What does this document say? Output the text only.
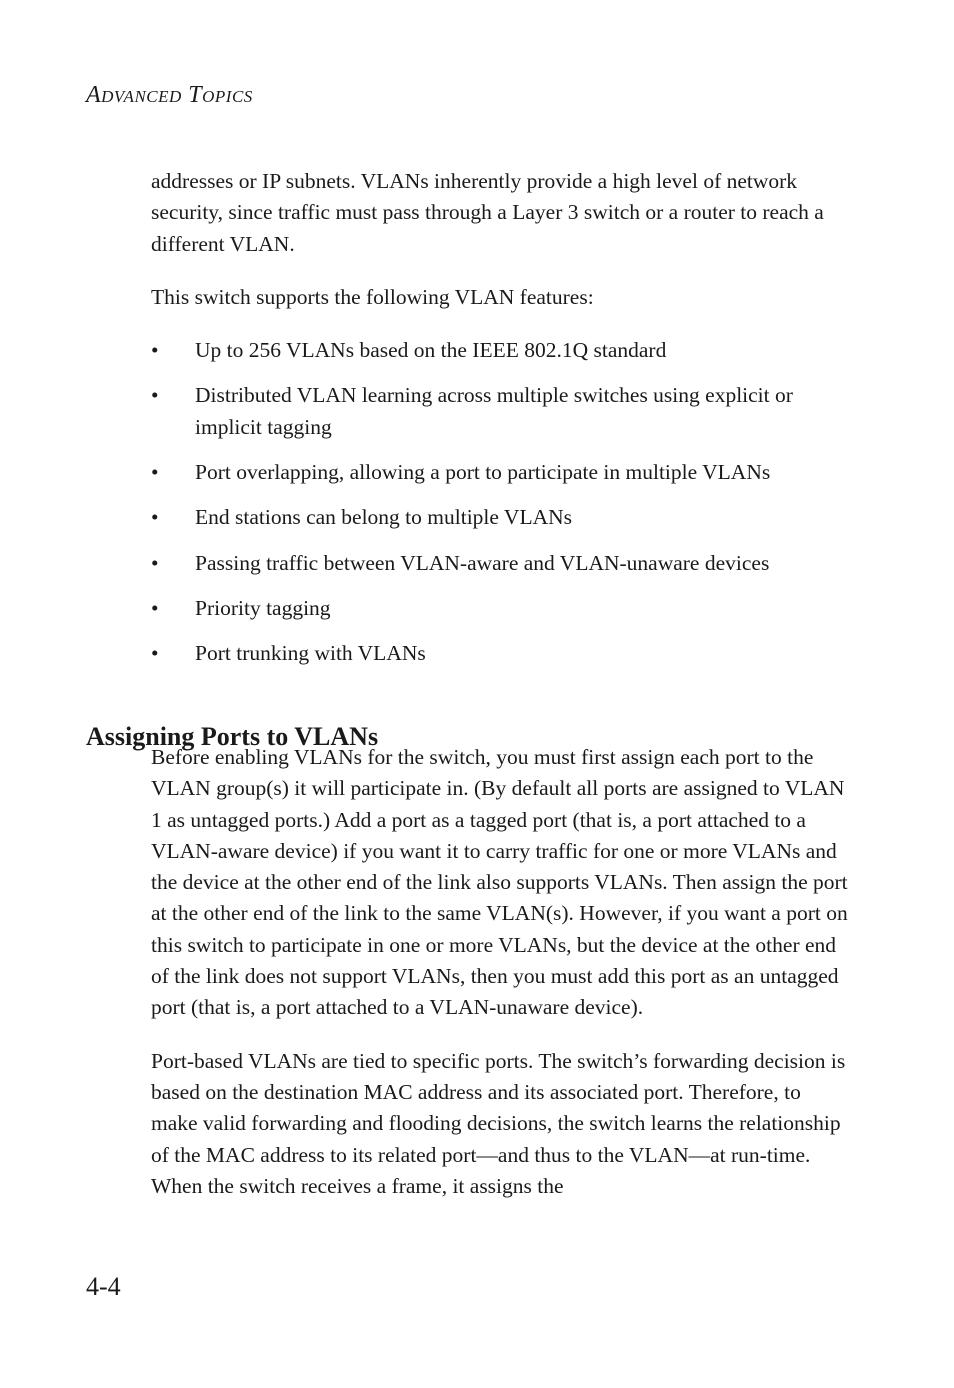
Advanced Topics

addresses or IP subnets. VLANs inherently provide a high level of network security, since traffic must pass through a Layer 3 switch or a router to reach a different VLAN.

This switch supports the following VLAN features:

• Up to 256 VLANs based on the IEEE 802.1Q standard
• Distributed VLAN learning across multiple switches using explicit or implicit tagging
• Port overlapping, allowing a port to participate in multiple VLANs
• End stations can belong to multiple VLANs
• Passing traffic between VLAN-aware and VLAN-unaware devices
• Priority tagging
• Port trunking with VLANs
Assigning Ports to VLANs

Before enabling VLANs for the switch, you must first assign each port to the VLAN group(s) it will participate in. (By default all ports are assigned to VLAN 1 as untagged ports.) Add a port as a tagged port (that is, a port attached to a VLAN-aware device) if you want it to carry traffic for one or more VLANs and the device at the other end of the link also supports VLANs. Then assign the port at the other end of the link to the same VLAN(s). However, if you want a port on this switch to participate in one or more VLANs, but the device at the other end of the link does not support VLANs, then you must add this port as an untagged port (that is, a port attached to a VLAN-unaware device).

Port-based VLANs are tied to specific ports. The switch’s forwarding decision is based on the destination MAC address and its associated port. Therefore, to make valid forwarding and flooding decisions, the switch learns the relationship of the MAC address to its related port—and thus to the VLAN—at run-time. When the switch receives a frame, it assigns the

4-4
